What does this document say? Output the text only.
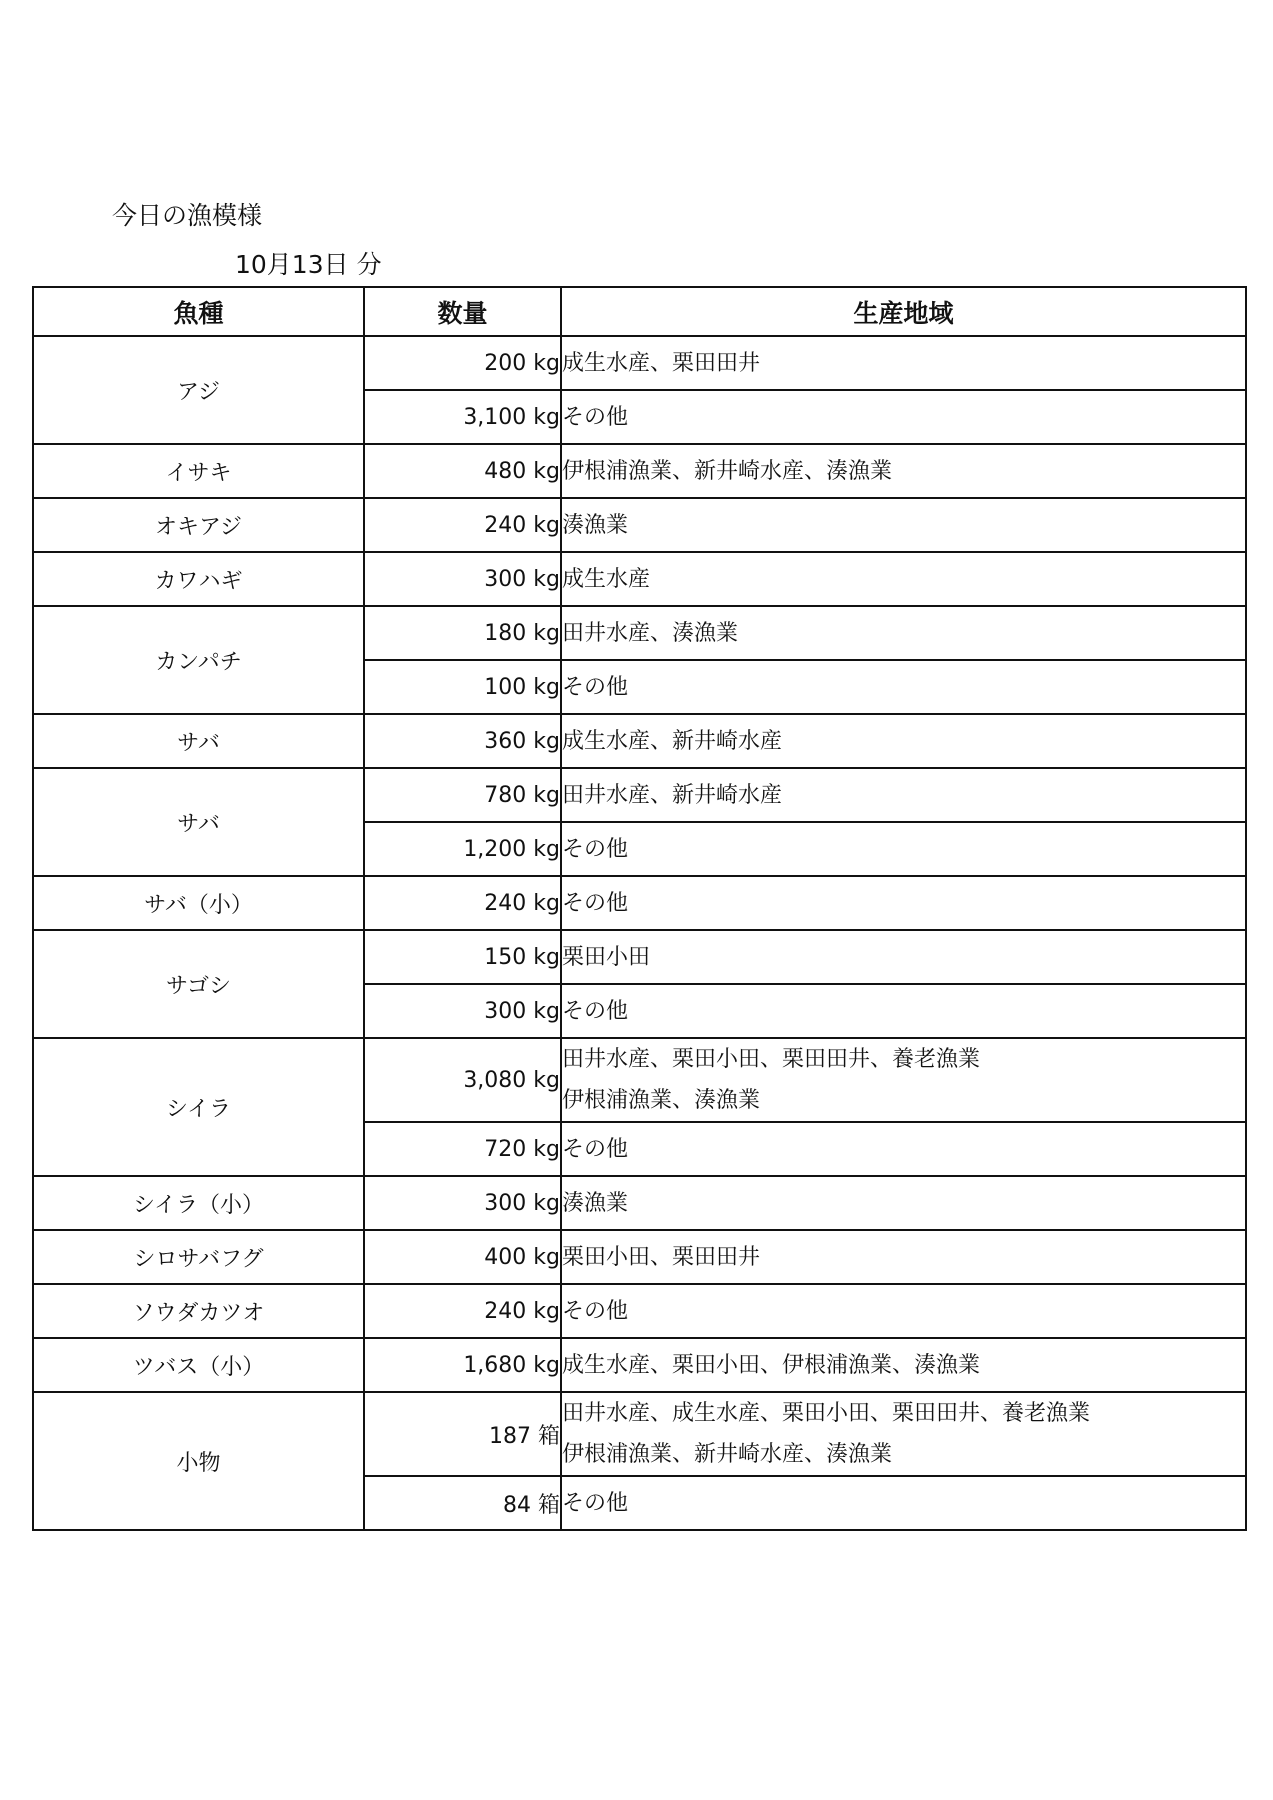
今日の漁模様
10月13日 分
魚種	数量	生産地域
アジ	200 kg	成生水産、栗田田井

	3,100 kg	その他

イサキ	480 kg	伊根浦漁業、新井崎水産、湊漁業

オキアジ	240 kg	湊漁業

カワハギ	300 kg	成生水産

カンパチ	180 kg	田井水産、湊漁業

	100 kg	その他

サバ	360 kg	成生水産、新井崎水産

サバ	780 kg	田井水産、新井崎水産

	1,200 kg	その他

サバ（小）	240 kg	その他

サゴシ	150 kg	栗田小田

	300 kg	その他

シイラ	3,080 kg	田井水産、栗田小田、栗田田井、養老漁業
伊根浦漁業、湊漁業

	720 kg	その他

シイラ（小）	300 kg	湊漁業

シロサバフグ	400 kg	栗田小田、栗田田井

ソウダカツオ	240 kg	その他

ツバス（小）	1,680 kg	成生水産、栗田小田、伊根浦漁業、湊漁業

小物	187 箱	田井水産、成生水産、栗田小田、栗田田井、養老漁業
伊根浦漁業、新井崎水産、湊漁業

	84 箱	その他
